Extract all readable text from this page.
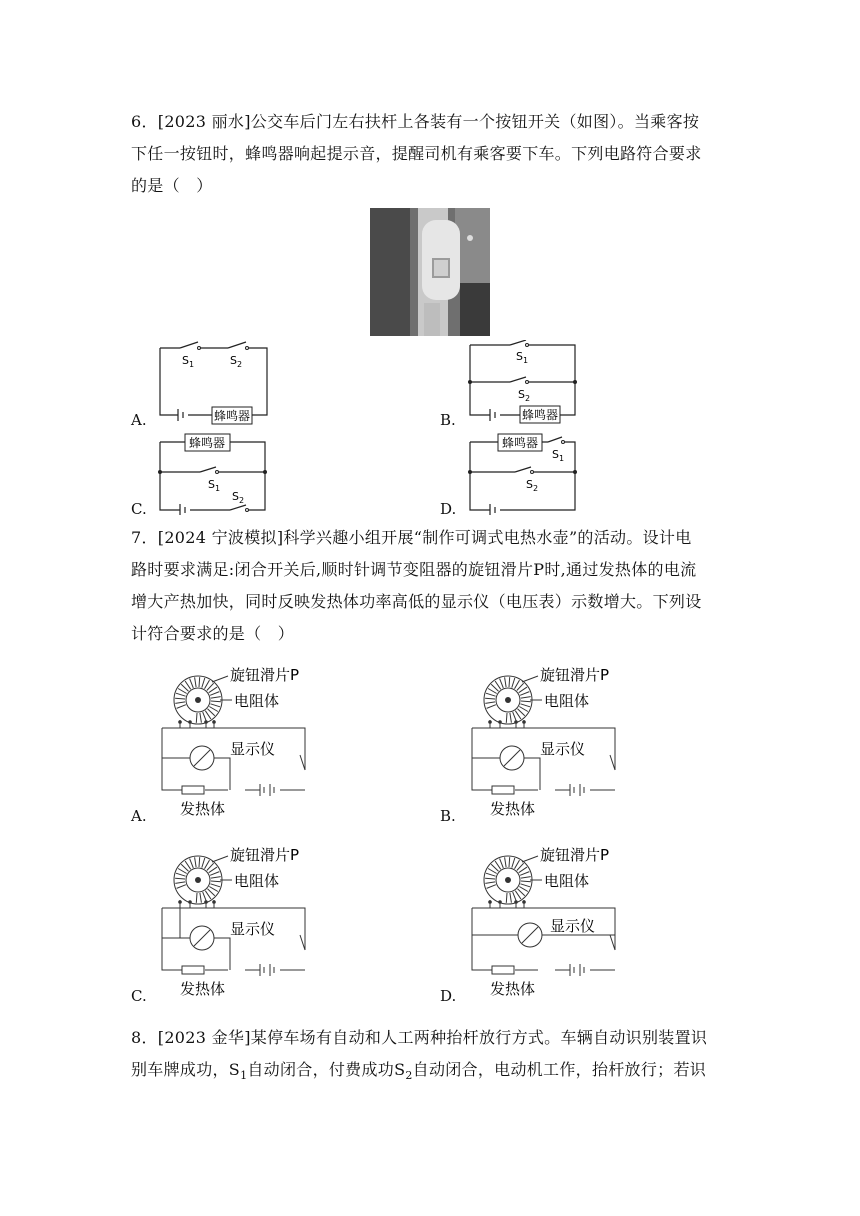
6．[2023 丽水]公交车后门左右扶杆上各装有一个按钮开关（如图）。当乘客按

下任一按钮时，蜂鸣器响起提示音，提醒司机有乘客要下车。下列电路符合要求

的是（　）

A.	蜂鸣器
$S_1$	$S_2$
B.	蜂鸣器
$S_1$
$S_2$
C.
蜂鸣器
$S_1$
$S_2$	D.
蜂鸣器
$S_1$
$S_2$

7．[2024 宁波模拟]科学兴趣小组开展“制作可调式电热水壶”的活动。设计电

路时要求满足:闭合开关后,顺时针调节变阻器的旋钮滑片P时,通过发热体的电流

增大产热加快，同时反映发热体功率高低的显示仪（电压表）示数增大。下列设

计符合要求的是（　）

旋钮滑片P
电阻体
显示仪
发热体
旋钮滑片P
电阻体
显示仪
发热体
旋钮滑片P
电阻体
显示仪
发热体
旋钮滑片P
电阻体
显示仪
发热体
A.	B.
C.	D.

8．[2023 金华]某停车场有自动和人工两种抬杆放行方式。车辆自动识别装置识

别车牌成功，$S_1$自动闭合，付费成功$S_2$自动闭合，电动机工作，抬杆放行；若识
